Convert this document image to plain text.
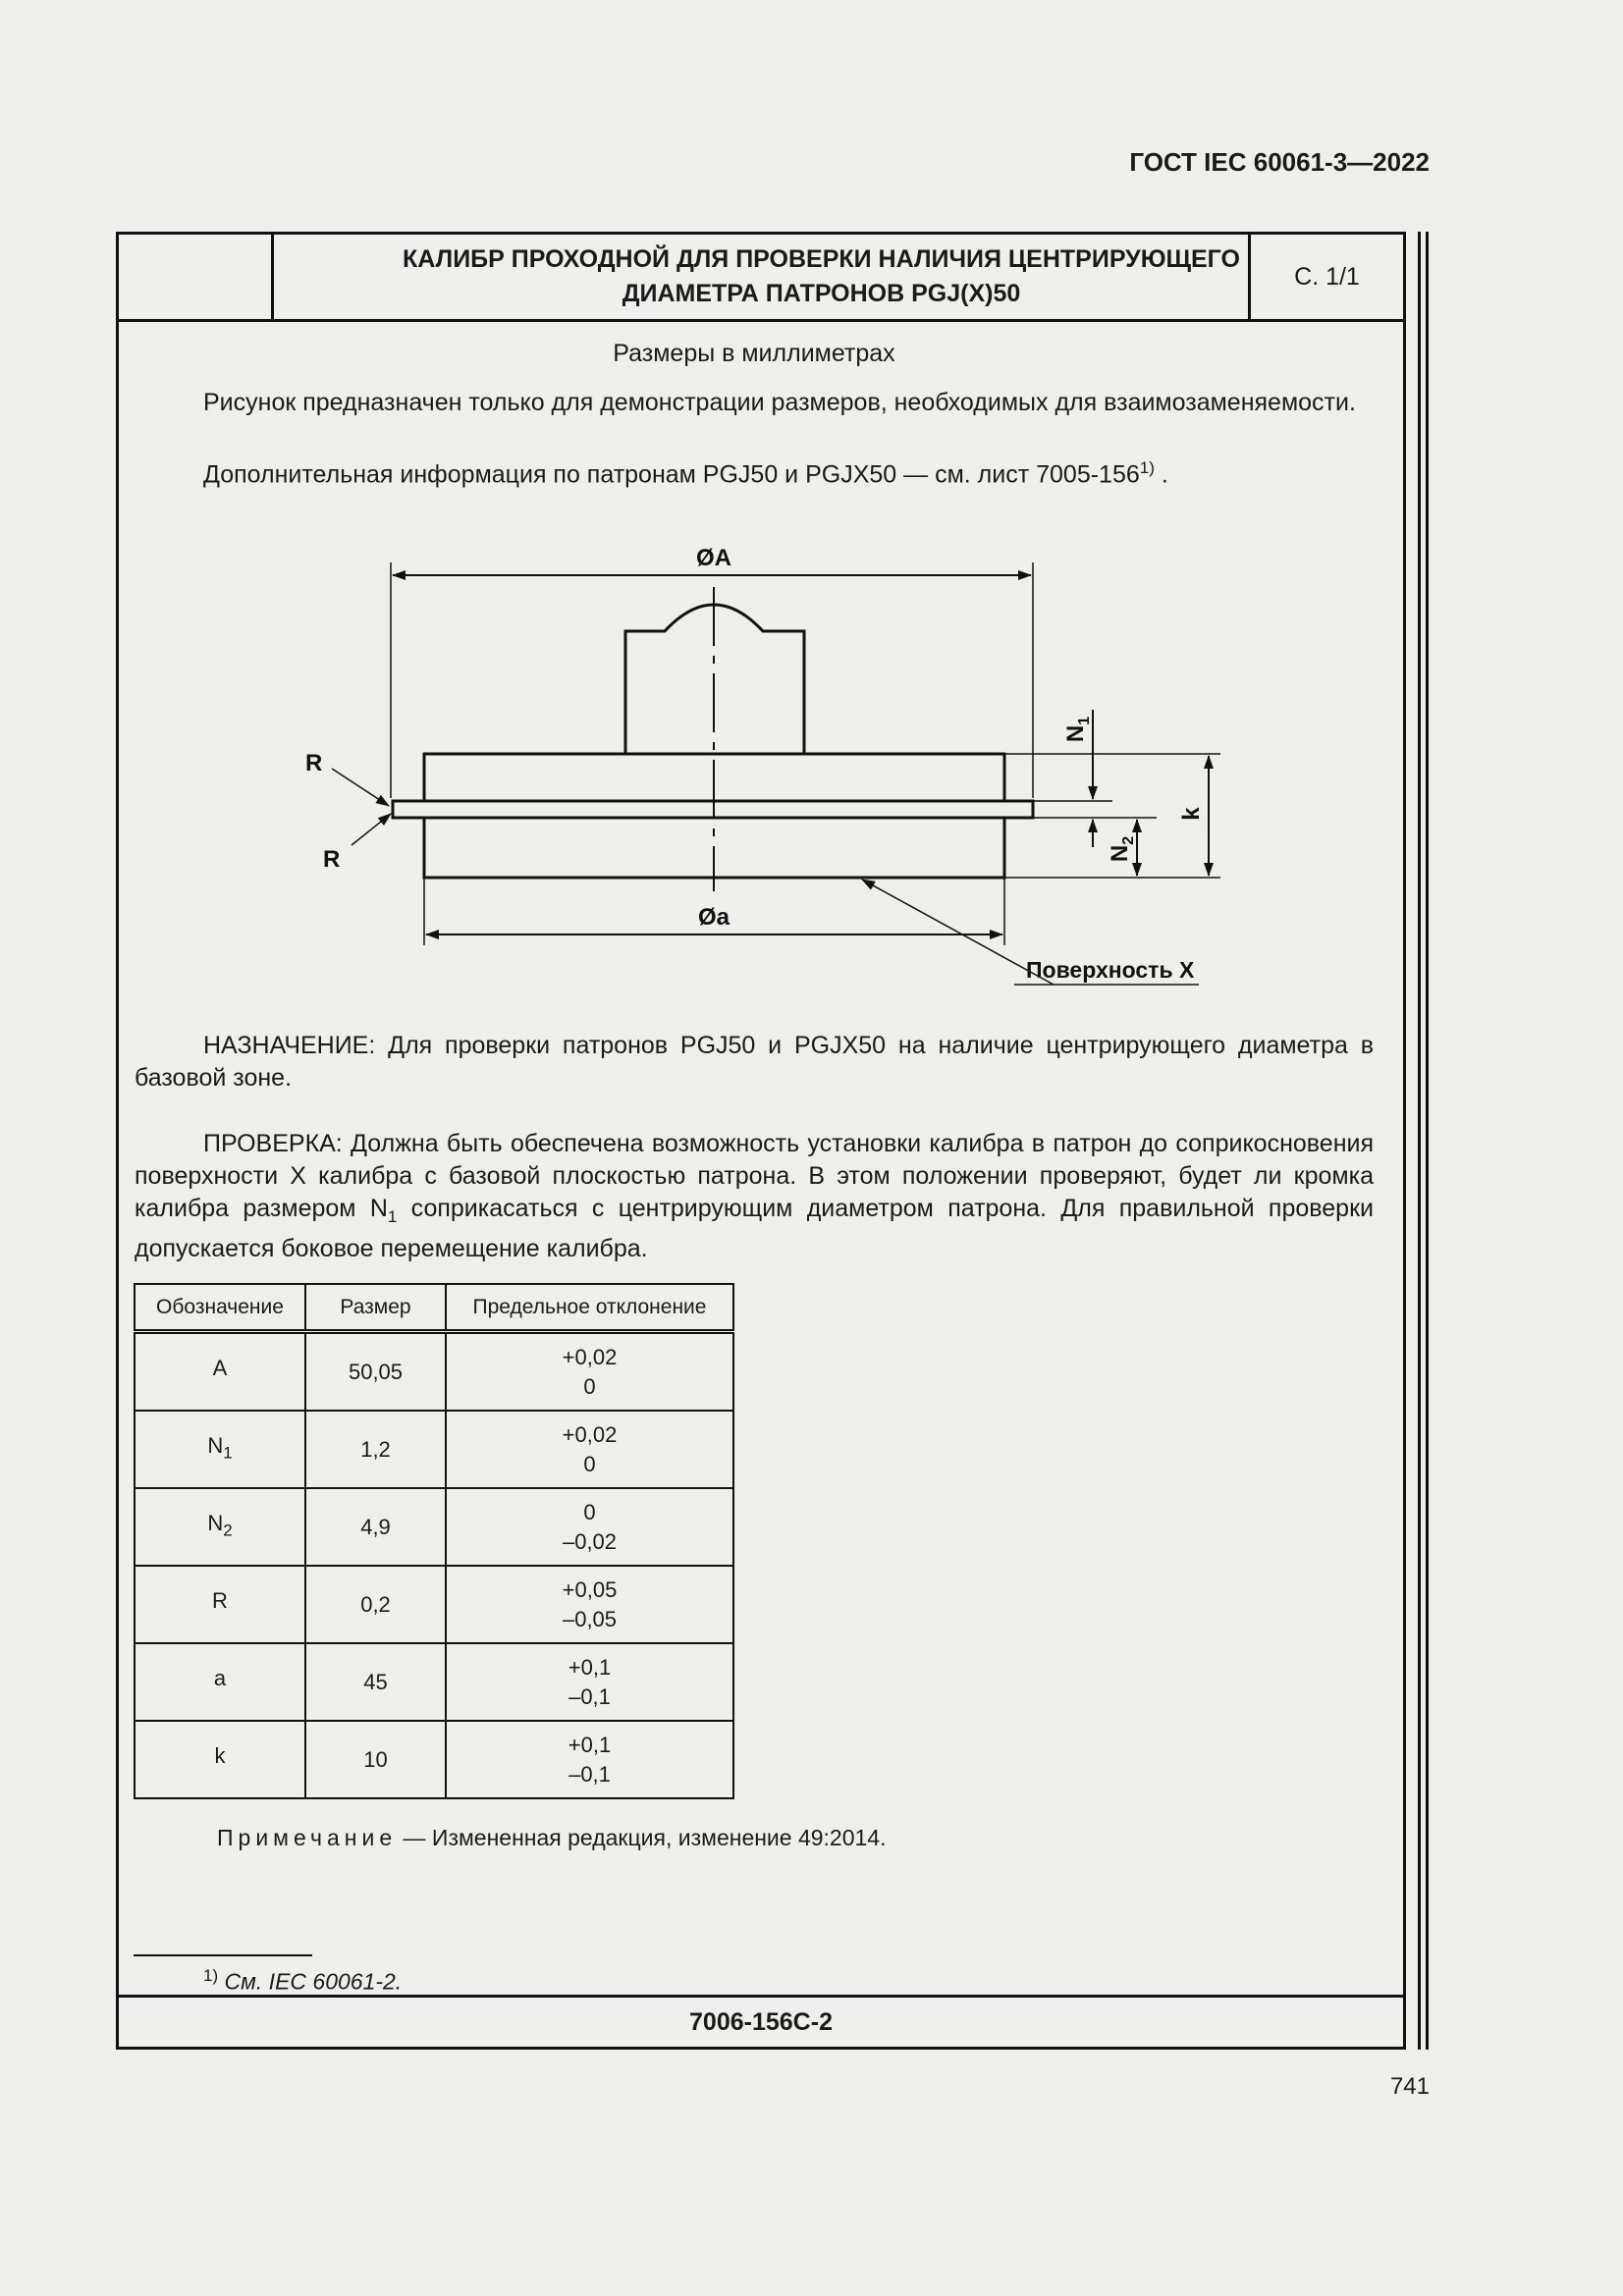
ГОСТ IEC 60061-3—2022
КАЛИБР ПРОХОДНОЙ ДЛЯ ПРОВЕРКИ НАЛИЧИЯ ЦЕНТРИРУЮЩЕГО
ДИАМЕТРА ПАТРОНОВ PGJ(X)50
С. 1/1
Размеры в миллиметрах
Рисунок предназначен только для демонстрации размеров, необходимых для взаимозаменяемости.
Дополнительная информация по патронам PGJ50 и PGJX50 — см. лист 7005-156$^{1)}$ .
ØA
Øa
R
R
k
$N_1$
$N_2$
Поверхность X
НАЗНАЧЕНИЕ: Для проверки патронов PGJ50 и PGJX50 на наличие центрирующего диаметра в базовой зоне.
ПРОВЕРКА: Должна быть обеспечена возможность установки калибра в патрон до соприкосновения поверхности X калибра с базовой плоскостью патрона. В этом положении проверяют, будет ли кромка калибра размером $N_1$ соприкасаться с центрирующим диаметром патрона. Для правильной проверки допускается боковое перемещение калибра.
Обозначение	Размер	Предельное отклонение
A	50,05	+0,02
0

$N_1$	1,2	+0,02
0

$N_2$	4,9	0
–0,02

R	0,2	+0,05
–0,05

a	45	+0,1
–0,1

k	10	+0,1
–0,1
Примечание — Измененная редакция, изменение 49:2014.
$^{1)}$ См. IEC 60061-2.
7006-156C-2
741
